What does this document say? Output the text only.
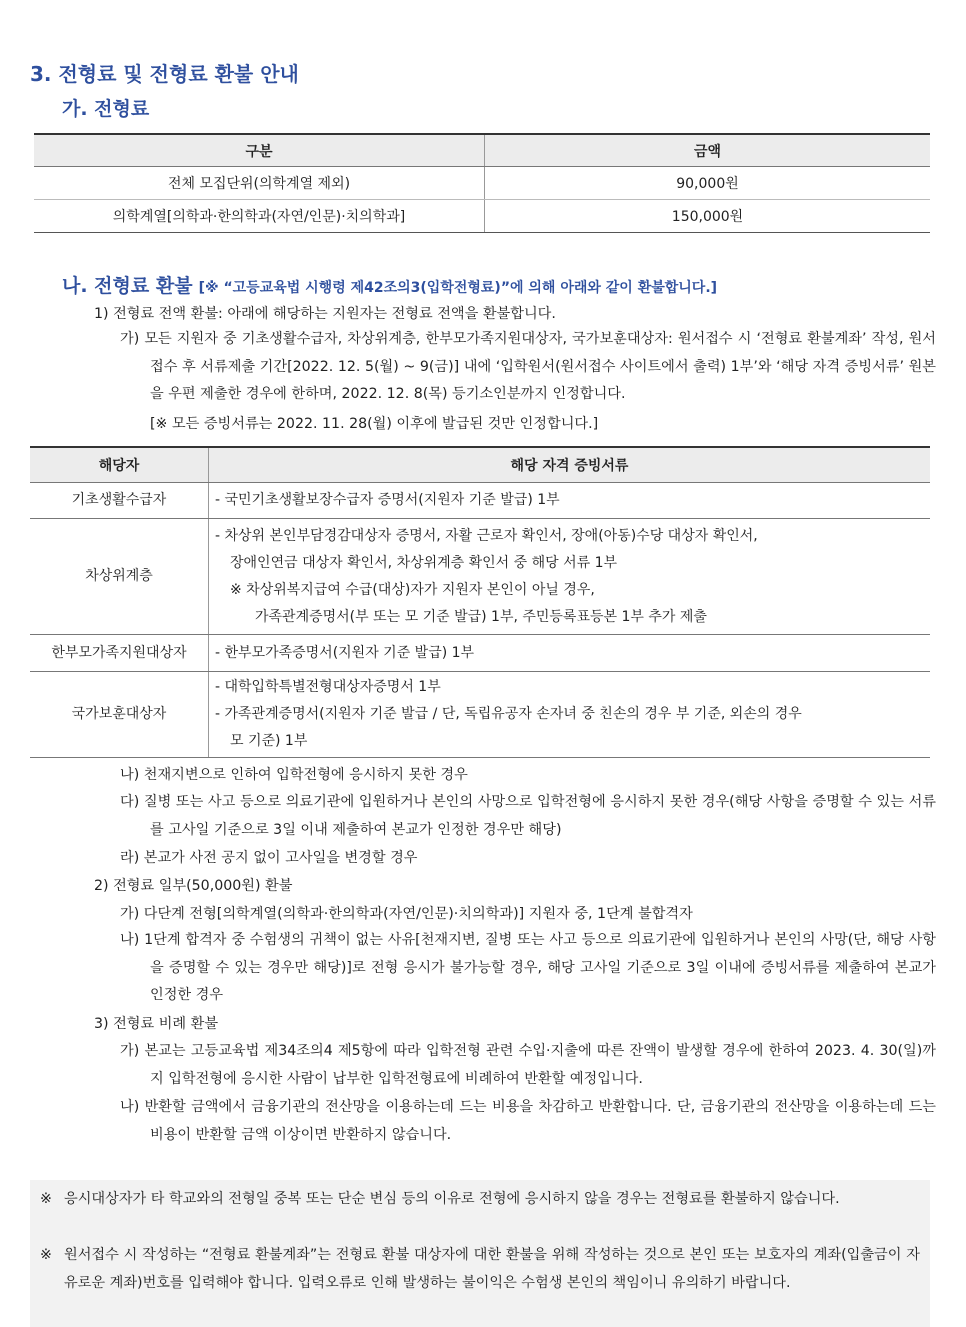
3. 전형료 및 전형료 환불 안내
가. 전형료
구분	금액
전체 모집단위(의학계열 제외)	90,000원
의학계열[의학과·한의학과(자연/인문)·치의학과]	150,000원
나. 전형료 환불 [※ “고등교육법 시행령 제42조의3(입학전형료)”에 의해 아래와 같이 환불합니다.]
1) 전형료 전액 환불: 아래에 해당하는 지원자는 전형료 전액을 환불합니다.
가) 모든 지원자 중 기초생활수급자, 차상위계층, 한부모가족지원대상자, 국가보훈대상자: 원서접수 시 ‘전형료 환불계좌’ 작성, 원서접수 후 서류제출 기간[2022. 12. 5(월) ~ 9(금)] 내에 ‘입학원서(원서접수 사이트에서 출력) 1부’와 ‘해당 자격 증빙서류’ 원본을 우편 제출한 경우에 한하며, 2022. 12. 8(목) 등기소인분까지 인정합니다.
[※ 모든 증빙서류는 2022. 11. 28(월) 이후에 발급된 것만 인정합니다.]
해당자	해당 자격 증빙서류
기초생활수급자	- 국민기초생활보장수급자 증명서(지원자 기준 발급) 1부

차상위계층	- 차상위 본인부담경감대상자 증명서, 자활 근로자 확인서, 장애(아동)수당 대상자 확인서,
장애인연금 대상자 확인서, 차상위계층 확인서 중 해당 서류 1부
※ 차상위복지급여 수급(대상)자가 지원자 본인이 아닐 경우,
가족관계증명서(부 또는 모 기준 발급) 1부, 주민등록표등본 1부 추가 제출

한부모가족지원대상자	- 한부모가족증명서(지원자 기준 발급) 1부

국가보훈대상자	- 대학입학특별전형대상자증명서 1부
- 가족관계증명서(지원자 기준 발급 / 단, 독립유공자 손자녀 중 친손의 경우 부 기준, 외손의 경우
모 기준) 1부
나) 천재지변으로 인하여 입학전형에 응시하지 못한 경우
다) 질병 또는 사고 등으로 의료기관에 입원하거나 본인의 사망으로 입학전형에 응시하지 못한 경우(해당 사항을 증명할 수 있는 서류를 고사일 기준으로 3일 이내 제출하여 본교가 인정한 경우만 해당)
라) 본교가 사전 공지 없이 고사일을 변경할 경우
2) 전형료 일부(50,000원) 환불
가) 다단계 전형[의학계열(의학과·한의학과(자연/인문)·치의학과)] 지원자 중, 1단계 불합격자
나) 1단계 합격자 중 수험생의 귀책이 없는 사유[천재지변, 질병 또는 사고 등으로 의료기관에 입원하거나 본인의 사망(단, 해당 사항을 증명할 수 있는 경우만 해당)]로 전형 응시가 불가능할 경우, 해당 고사일 기준으로 3일 이내에 증빙서류를 제출하여 본교가 인정한 경우
3) 전형료 비례 환불
가) 본교는 고등교육법 제34조의4 제5항에 따라 입학전형 관련 수입·지출에 따른 잔액이 발생할 경우에 한하여 2023. 4. 30(일)까지 입학전형에 응시한 사람이 납부한 입학전형료에 비례하여 반환할 예정입니다.
나) 반환할 금액에서 금융기관의 전산망을 이용하는데 드는 비용을 차감하고 반환합니다. 단, 금융기관의 전산망을 이용하는데 드는 비용이 반환할 금액 이상이면 반환하지 않습니다.
※ 응시대상자가 타 학교와의 전형일 중복 또는 단순 변심 등의 이유로 전형에 응시하지 않을 경우는 전형료를 환불하지 않습니다.
※ 원서접수 시 작성하는 “전형료 환불계좌”는 전형료 환불 대상자에 대한 환불을 위해 작성하는 것으로 본인 또는 보호자의 계좌(입출금이 자유로운 계좌)번호를 입력해야 합니다. 입력오류로 인해 발생하는 불이익은 수험생 본인의 책임이니 유의하기 바랍니다.
